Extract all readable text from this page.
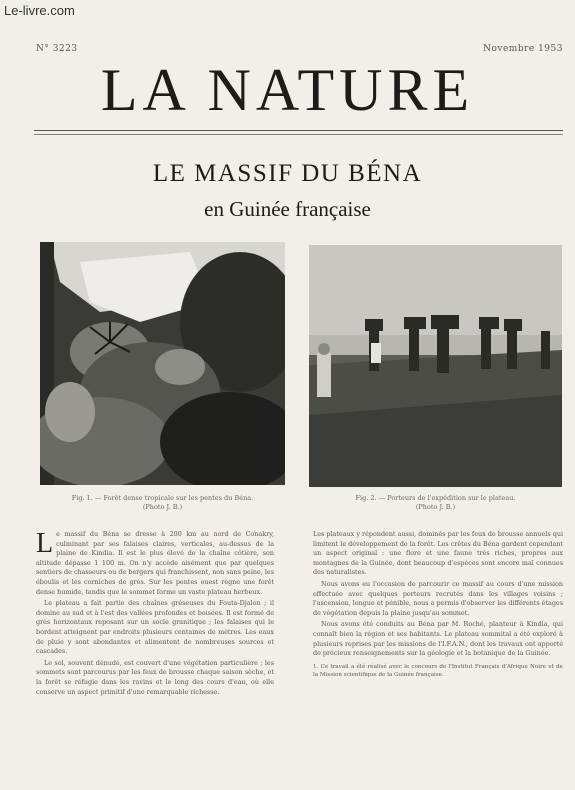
Le-livre.com
N° 3223	Novembre 1953
LA NATURE
LE MASSIF DU BÉNA
en Guinée française
Fig. 1. — Forêt dense tropicale sur les pentes du Béna.
(Photo J. B.)
Fig. 2. — Porteurs de l'expédition sur le plateau.
(Photo J. B.)
L e massif du Béna se dresse à 200 km au nord de Conakry, culminant par ses falaises claires, verticales, au-dessus de la plaine de Kindia. Il est le plus élevé de la chaîne côtière, son altitude dépasse 1 100 m. On n'y accède aisément que par quelques sentiers de chasseurs ou de bergers qui franchissent, non sans peine, les éboulis et les corniches de grès. Sur les pentes ouest règne une forêt dense humide, tandis que le sommet forme un vaste plateau herbeux.

Le plateau a fait partie des chaînes gréseuses du Fouta-Djalon ; il domine au sud et à l'est des vallées profondes et boisées. Il est formé de grès horizontaux reposant sur un socle granitique ; les falaises qui le bordent atteignent par endroits plusieurs centaines de mètres. Les eaux de pluie y sont abondantes et alimentent de nombreuses sources et cascades.

Le sol, souvent dénudé, est couvert d'une végétation particulière ; les sommets sont parcourus par les feux de brousse chaque saison sèche, et la forêt se réfugie dans les ravins et le long des cours d'eau, où elle conserve un aspect primitif d'une remarquable richesse.

Les plateaux y répondent aussi, dominés par les feux de brousse annuels qui limitent le développement de la forêt. Les crêtes du Béna gardent cependant un aspect original : une flore et une faune très riches, propres aux montagnes de la Guinée, dont beaucoup d'espèces sont encore mal connues des naturalistes.

Nous avons eu l'occasion de parcourir ce massif au cours d'une mission effectuée avec quelques porteurs recrutés dans les villages voisins ; l'ascension, longue et pénible, nous a permis d'observer les différents étages de végétation depuis la plaine jusqu'au sommet.

Nous avons été conduits au Béna par M. Roché, planteur à Kindia, qui connaît bien la région et ses habitants. Le plateau sommital a été exploré à plusieurs reprises par les missions de l'I.F.A.N., dont les travaux ont apporté de précieux renseignements sur la géologie et la botanique de la Guinée.

1. Ce travail a été réalisé avec le concours de l'Institut Français d'Afrique Noire et de la Mission scientifique de la Guinée française.
